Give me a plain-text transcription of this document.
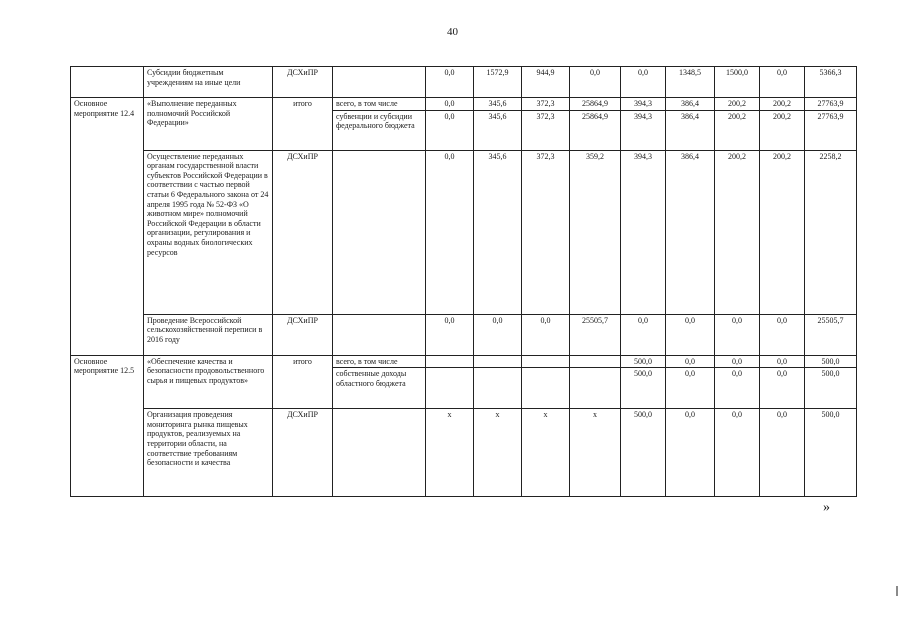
40
	Субсидии бюджетным учреждениям на иные цели	ДСХиПР		0,0	1572,9	944,9	0,0	0,0	1348,5	1500,0	0,0	5366,3
Основное мероприятие 12.4	«Выполнение переданных полномочий Российской Федерации»	итого	всего, в том числе	0,0	345,6	372,3	25864,9	394,3	386,4	200,2	200,2	27763,9
			субвенции и субсидии федерального бюджета	0,0	345,6	372,3	25864,9	394,3	386,4	200,2	200,2	27763,9
	Осуществление переданных органам государственной власти субъектов Российской Федерации в соответствии с частью первой статьи 6 Федерального закона от 24 апреля 1995 года № 52-ФЗ «О животном мире» полномочий Российской Федерации в области организации, регулирования и охраны водных биологических ресурсов	ДСХиПР		0,0	345,6	372,3	359,2	394,3	386,4	200,2	200,2	2258,2
	Проведение Всероссийской сельскохозяйственной переписи в 2016 году	ДСХиПР		0,0	0,0	0,0	25505,7	0,0	0,0	0,0	0,0	25505,7
Основное мероприятие 12.5	«Обеспечение качества и безопасности продовольственного сырья и пищевых продуктов»	итого	всего, в том числе					500,0	0,0	0,0	0,0	500,0
			собственные доходы областного бюджета					500,0	0,0	0,0	0,0	500,0
	Организация проведения мониторинга рынка пищевых продуктов, реализуемых на территории области, на соответствие требованиям безопасности и качества	ДСХиПР		х	х	х	х	500,0	0,0	0,0	0,0	500,0
»
